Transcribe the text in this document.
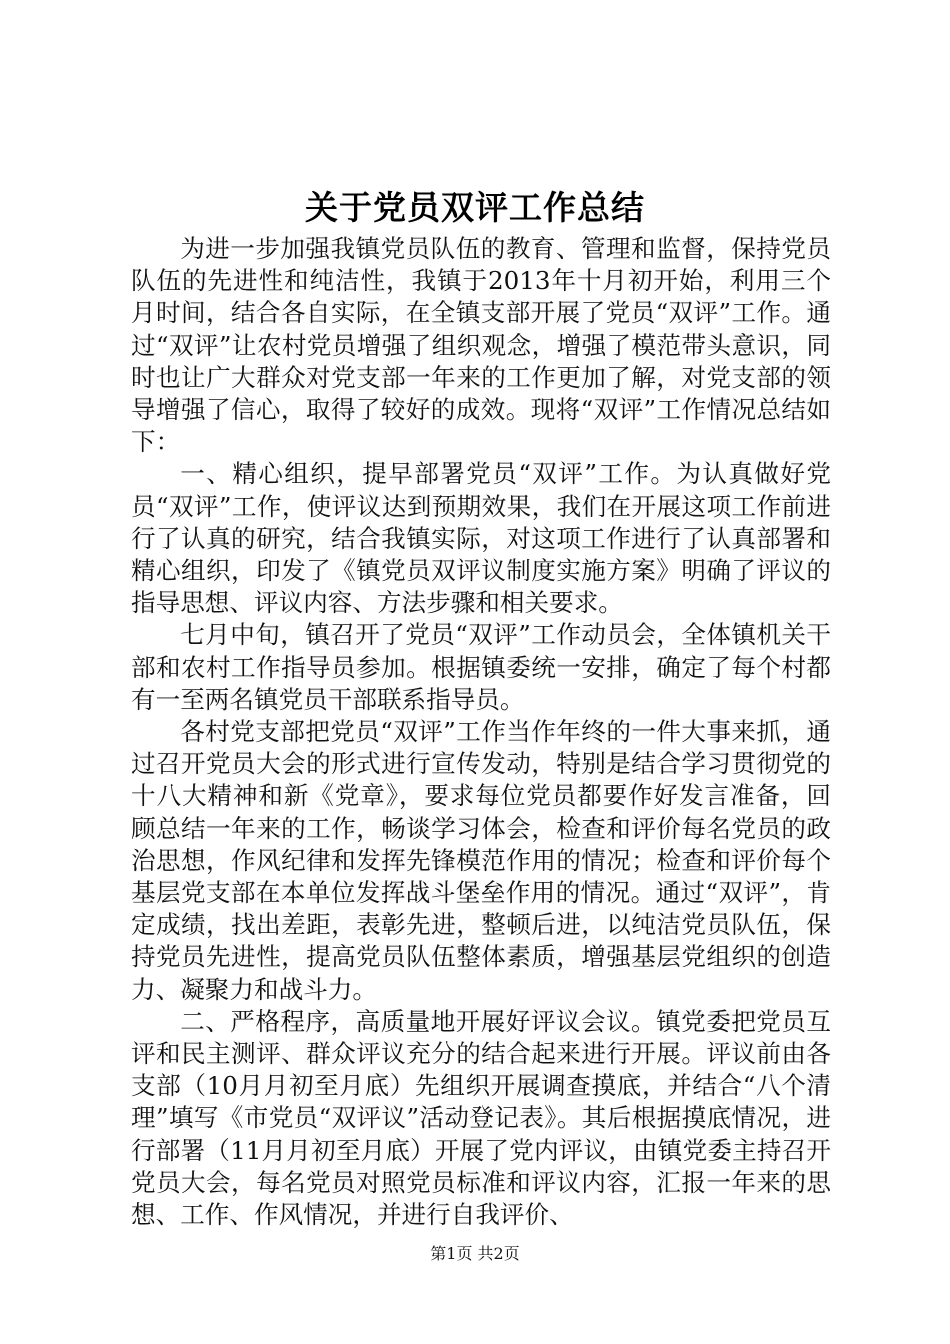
关于党员双评工作总结

为进一步加强我镇党员队伍的教育、管理和监督，保持党员队伍的先进性和纯洁性，我镇于2013年十月初开始，利用三个月时间，结合各自实际，在全镇支部开展了党员“双评”工作。通过“双评”让农村党员增强了组织观念，增强了模范带头意识，同时也让广大群众对党支部一年来的工作更加了解，对党支部的领导增强了信心，取得了较好的成效。现将“双评”工作情况总结如下：

一、精心组织，提早部署党员“双评”工作。为认真做好党员“双评”工作，使评议达到预期效果，我们在开展这项工作前进行了认真的研究，结合我镇实际，对这项工作进行了认真部署和精心组织，印发了《镇党员双评议制度实施方案》明确了评议的指导思想、评议内容、方法步骤和相关要求。

七月中旬，镇召开了党员“双评”工作动员会，全体镇机关干部和农村工作指导员参加。根据镇委统一安排，确定了每个村都有一至两名镇党员干部联系指导员。

各村党支部把党员“双评”工作当作年终的一件大事来抓，通过召开党员大会的形式进行宣传发动，特别是结合学习贯彻党的十八大精神和新《党章》，要求每位党员都要作好发言准备，回顾总结一年来的工作，畅谈学习体会，检查和评价每名党员的政治思想，作风纪律和发挥先锋模范作用的情况；检查和评价每个基层党支部在本单位发挥战斗堡垒作用的情况。通过“双评”，肯定成绩，找出差距，表彰先进，整顿后进，以纯洁党员队伍，保持党员先进性，提高党员队伍整体素质，增强基层党组织的创造力、凝聚力和战斗力。

二、严格程序，高质量地开展好评议会议。镇党委把党员互评和民主测评、群众评议充分的结合起来进行开展。评议前由各支部（10月月初至月底）先组织开展调查摸底，并结合“八个清理”填写《市党员“双评议”活动登记表》。其后根据摸底情况，进行部署（11月月初至月底）开展了党内评议，由镇党委主持召开党员大会，每名党员对照党员标准和评议内容，汇报一年来的思想、工作、作风情况，并进行自我评价、

第1页 共2页
